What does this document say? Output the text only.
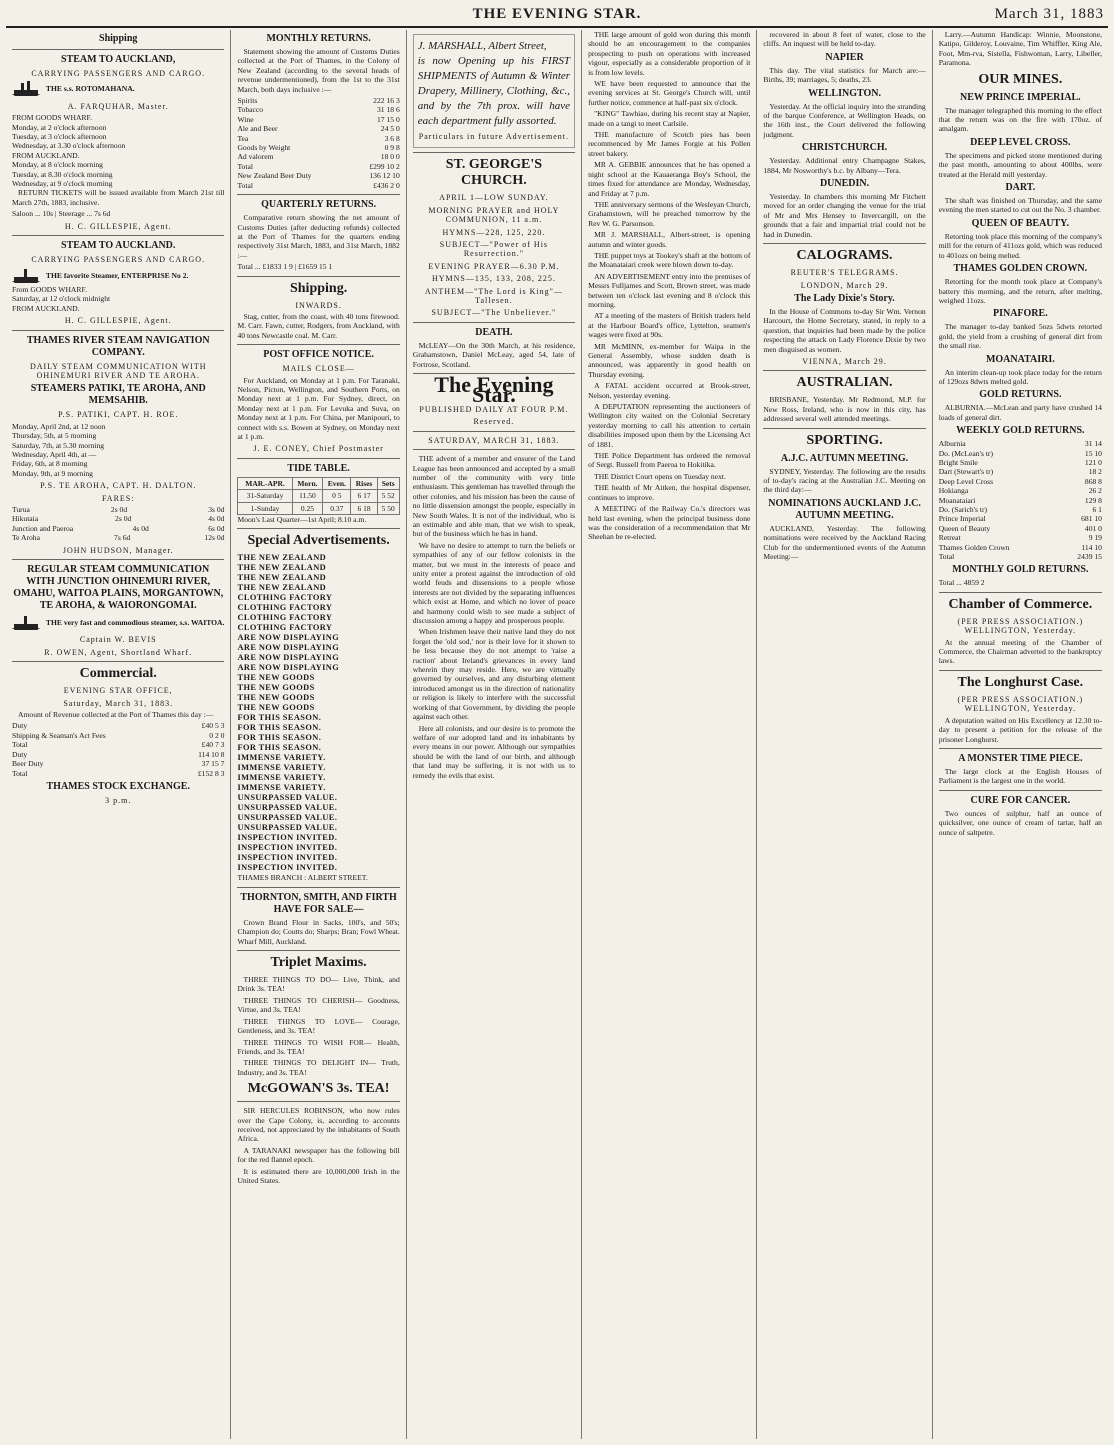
THE EVENING STAR.	March 31, 1883
Shipping
STEAM TO AUCKLAND,
CARRYING PASSENGERS AND CARGO.
THE s.s. ROTOMAHANA.
A. FARQUHAR, Master.
FROM GOODS WHARF.
Monday, at 2 o'clock afternoon
Tuesday, at 3 o'clock afternoon
Wednesday, at 3.30 o'clock afternoon
FROM AUCKLAND.
Monday, at 8 o'clock morning
Tuesday, at 8.30 o'clock morning
Wednesday, at 9 o'clock morning

RETURN TICKETS will be issued available from March 21st till March 27th, 1883, inclusive.

Saloon ... 10s | Steerage ... 7s 6d
H. C. GILLESPIE, Agent.
STEAM TO AUCKLAND.
CARRYING PASSENGERS AND CARGO.
THE favorite Steamer, ENTERPRISE No 2.
From GOODS WHARF.
Saturday, at 12 o'clock midnight
FROM AUCKLAND.
H. C. GILLESPIE, Agent.
THAMES RIVER STEAM NAVIGATION COMPANY.
DAILY STEAM COMMUNICATION WITH OHINEMURI RIVER AND TE AROHA.
STEAMERS PATIKI, TE AROHA, AND MEMSAHIB.
P.S. PATIKI, CAPT. H. ROE.
Monday, April 2nd, at 12 noon
Thursday, 5th, at 5 morning
Saturday, 7th, at 5.30 morning
Wednesday, April 4th, at —
Friday, 6th, at 8 morning
Monday, 9th, at 9 morning
P.S. TE AROHA, CAPT. H. DALTON.
FARES:
Turua	2s 0d	3s 0d
Hikutaia	2s 0d	4s 0d
Junction and Paeroa	4s 0d	6s 0d
Te Aroha	7s 6d	12s 0d
JOHN HUDSON, Manager.
REGULAR STEAM COMMUNICATION WITH JUNCTION OHINEMURI RIVER, OMAHU, WAITOA PLAINS, MORGANTOWN, TE AROHA, & WAIORONGOMAI.
THE very fast and commodious steamer, s.s. WAITOA.
Captain W. BEVIS
R. OWEN, Agent, Shortland Wharf.
Commercial.
EVENING STAR OFFICE,
Saturday, March 31, 1883.

Amount of Revenue collected at the Port of Thames this day :—

Duty	£40 5 3
Shipping & Seaman's Act Fees	0 2 0
Total	£40 7 3
Duty	114 10 8
Beer Duty	37 15 7
Total	£152 8 3
THAMES STOCK EXCHANGE.
3 p.m.
MONTHLY RETURNS.

Statement showing the amount of Customs Duties collected at the Port of Thames, in the Colony of New Zealand (according to the several heads of revenue undermentioned), from the 1st to the 31st March, both days inclusive :—

Spirits	222 16 3
Tobacco	31 18 6
Wine	17 15 0
Ale and Beer	24 5 0
Tea	3 6 8
Goods by Weight	0 9 8
Ad valorem	18 0 0
Total	£299 10 2
New Zealand Beer Duty	136 12 10
Total	£436 2 0
QUARTERLY RETURNS.

Comparative return showing the net amount of Customs Duties (after deducting refunds) collected at the Port of Thames for the quarters ending respectively 31st March, 1883, and 31st March, 1882 :—

Total ... £1833 1 9 | £1659 15 1
Shipping.
INWARDS.

Stag, cutter, from the coast, with 40 tons firewood. M. Carr. Fawn, cutter, Rodgers, from Auckland, with 40 tons Newcastle coal. M. Carr.

POST OFFICE NOTICE.
MAILS CLOSE—

For Auckland, on Monday at 1 p.m. For Taranaki, Nelson, Picton, Wellington, and Southern Ports, on Monday next at 1 p.m. For Sydney, direct, on Monday next at 1 p.m. For Levuka and Suva, on Monday next at 1 p.m. For China, per Manipouri, to connect with s.s. Bowen at Sydney, on Monday next at 1 p.m.

J. E. CONEY, Chief Postmaster
TIDE TABLE.
MAR.-APR.	Morn.	Even.	Rises	Sets
31-Saturday	11.50	0 5	6 17	5 52
1-Sunday	0.25	0.37	6 18	5 50
Moon's Last Quarter—1st April; 8.10 a.m.
Special Advertisements.
THE NEW ZEALAND
THE NEW ZEALAND
THE NEW ZEALAND
THE NEW ZEALAND
CLOTHING FACTORY
CLOTHING FACTORY
CLOTHING FACTORY
CLOTHING FACTORY
ARE NOW DISPLAYING
ARE NOW DISPLAYING
ARE NOW DISPLAYING
ARE NOW DISPLAYING
THE NEW GOODS
THE NEW GOODS
THE NEW GOODS
THE NEW GOODS
FOR THIS SEASON.
FOR THIS SEASON.
FOR THIS SEASON.
FOR THIS SEASON.
IMMENSE VARIETY.
IMMENSE VARIETY.
IMMENSE VARIETY.
IMMENSE VARIETY.
UNSURPASSED VALUE.
UNSURPASSED VALUE.
UNSURPASSED VALUE.
UNSURPASSED VALUE.
INSPECTION INVITED.
INSPECTION INVITED.
INSPECTION INVITED.
INSPECTION INVITED.
THAMES BRANCH : ALBERT STREET.
THORNTON, SMITH, AND FIRTH HAVE FOR SALE—

Crown Brand Flour in Sacks, 100's, and 50's; Champion do; Coutts do; Sharps; Bran; Fowl Wheat. Wharf Mill, Auckland.

Triplet Maxims.

THREE THINGS TO DO— Live, Think, and Drink 3s. TEA!

THREE THINGS TO CHERISH— Goodness, Virtue, and 3s. TEA!

THREE THINGS TO LOVE— Courage, Gentleness, and 3s. TEA!

THREE THINGS TO WISH FOR— Health, Friends, and 3s. TEA!

THREE THINGS TO DELIGHT IN— Truth, Industry, and 3s. TEA!

McGOWAN'S 3s. TEA!

SIR HERCULES ROBINSON, who now rules over the Cape Colony, is, according to accounts received, not appreciated by the inhabitants of South Africa.

A TARANAKI newspaper has the following bill for the red flannel epoch.

It is estimated there are 10,000,000 Irish in the United States.

J. MARSHALL, Albert Street,
is now Opening up his FIRST SHIPMENTS of Autumn & Winter Drapery, Millinery, Clothing, &c., and by the 7th prox. will have each department fully assorted.
Particulars in future Advertisement.
ST. GEORGE'S CHURCH.
APRIL 1—LOW SUNDAY.
MORNING PRAYER and HOLY COMMUNION, 11 a.m.
HYMNS—228, 125, 220.
SUBJECT—"Power of His Resurrection."
EVENING PRAYER—6.30 P.M.
HYMNS—135, 133, 208, 225.
ANTHEM—"The Lord is King"—Tallesen.
SUBJECT—"The Unbeliever."
DEATH.

McLEAY—On the 30th March, at his residence, Grahamstown, Daniel McLeay, aged 54, late of Fortrose, Scotland.

The Evening Star.
PUBLISHED DAILY AT FOUR P.M.
Reserved.
SATURDAY, MARCH 31, 1883.

THE advent of a member and ensurer of the Land League has been announced and accepted by a small number of the community with very little enthusiasm. This gentleman has travelled through the other colonies, and his mission has been the cause of no little dissension amongst the people, especially in New South Wales. It is not of the individual, who is an estimable and able man, that we wish to speak, but of the business which he has in hand.

We have no desire to attempt to turn the beliefs or sympathies of any of our fellow colonists in the matter, but we must in the interests of peace and unity enter a protest against the introduction of old world feuds and dissensions to a people whose interests are not divided by the separating influences which exist at Home, and which no lover of peace and harmony could wish to see made a subject of discussion among a happy and prosperous people.

When Irishmen leave their native land they do not forget the 'old sod,' nor is their love for it shown to be less because they do not attempt to 'raise a ruction' about Ireland's grievances in every land wherein they may reside. Here, we are virtually governed by ourselves, and any disturbing element introduced amongst us in the direction of nationality or religion is likely to interfere with the successful working of that Government, by dividing the people against each other.

Here all colonists, and our desire is to promote the welfare of our adopted land and its inhabitants by every means in our power. Although our sympathies should be with the land of our birth, and although that land may be suffering, it is not with us to remedy the evils that exist.

THE large amount of gold won during this month should be an encouragement to the companies prospecting to push on operations with increased vigour, especially as a considerable proportion of it is from low levels.

WE have been requested to announce that the evening services at St. George's Church will, until further notice, commence at half-past six o'clock.

"KING" Tawhiao, during his recent stay at Napier, made on a tangi to meet Carlsile.

THE manufacture of Scotch pies has been recommenced by Mr James Forgie at his Pollen street bakery.

MR A. GEBBIE announces that he has opened a night school at the Kauaeranga Boy's School, the times fixed for attendance are Monday, Wednesday, and Friday at 7 p.m.

THE anniversary sermons of the Wesleyan Church, Grahamstown, will be preached tomorrow by the Rev W. G. Parsonson.

MR J. MARSHALL, Albert-street, is opening autumn and winter goods.

THE puppet toys at Tookey's shaft at the bottom of the Moanataiari creek were blown down to-day.

AN ADVERTISEMENT entry into the premises of Messrs Fulljames and Scott, Brown street, was made between ten o'clock last evening and 8 o'clock this morning.

AT a meeting of the masters of British traders held at the Harbour Board's office, Lyttelton, seamen's wages were fixed at 90s.

MR McMINN, ex-member for Waipa in the General Assembly, whose sudden death is announced, was apparently in good health on Thursday evening.

A FATAL accident occurred at Brook-street, Nelson, yesterday evening.

A DEPUTATION representing the auctioneers of Wellington city waited on the Colonial Secretary yesterday morning to call his attention to certain disabilities imposed upon them by the Licensing Act of 1881.

THE Police Department has ordered the removal of Sergt. Russell from Paeroa to Hokitika.

THE District Court opens on Tuesday next.

THE health of Mr Aitken, the hospital dispenser, continues to improve.

A MEETING of the Railway Co.'s directors was held last evening, when the principal business done was the consideration of a recommendation that Mr Sheehan be re-elected.

recovered in about 8 feet of water, close to the cliffs. An inquest will be held to-day.

NAPIER

This day. The vital statistics for March are:—Births, 39; marriages, 5; deaths, 23.

WELLINGTON.

Yesterday. At the official inquiry into the stranding of the barque Conference, at Wellington Heads, on the 16th inst., the Court delivered the following judgment.

CHRISTCHURCH.

Yesterday. Additional entry Champagne Stakes, 1884, Mr Nosworthy's b.c. by Albany—Tera.

DUNEDIN.

Yesterday. In chambers this morning Mr Fitchett moved for an order changing the venue for the trial of Mr and Mrs Hensey to Invercargill, on the grounds that a fair and impartial trial could not be had in Dunedin.

CALOGRAMS.
REUTER'S TELEGRAMS.
LONDON, March 29.
The Lady Dixie's Story.

In the House of Commons to-day Sir Wm. Vernon Harcourt, the Home Secretary, stated, in reply to a question, that inquiries had been made by the police respecting the attack on Lady Florence Dixie by two men disguised as women.

VIENNA, March 29.
AUSTRALIAN.

BRISBANE, Yesterday. Mr Redmond, M.P. for New Ross, Ireland, who is now in this city, has addressed several well attended meetings.

SPORTING.
A.J.C. AUTUMN MEETING.

SYDNEY, Yesterday. The following are the results of to-day's racing at the Australian J.C. Meeting on the third day:—

NOMINATIONS AUCKLAND J.C. AUTUMN MEETING.

AUCKLAND, Yesterday. The following nominations were received by the Auckland Racing Club for the undermentioned events of the Autumn Meeting:—

Larry.—Autumn Handicap: Winnie, Moonstone, Katipo, Gilderoy, Louvaine, Tim Whiffler, King Ale, Foot, Mm-rva, Sistella, Fishwoman, Larry, Libeller, Paramona.

OUR MINES.
NEW PRINCE IMPERIAL.

The manager telegraphed this morning to the effect that the return was on the fire with 170oz. of amalgam.

DEEP LEVEL CROSS.

The specimens and picked stone mentioned during the past month, amounting to about 400lbs, were treated at the Herald mill yesterday.

DART.

The shaft was finished on Thursday, and the same evening the men started to cut out the No. 3 chamber.

QUEEN OF BEAUTY.

Retorting took place this morning of the company's mill for the return of 411ozs gold, which was reduced to 401ozs on being melted.

THAMES GOLDEN CROWN.

Retorting for the month took place at Company's battery this morning, and the return, after melting, weighed 11ozs.

PINAFORE.

The manager to-day banked 5ozs 5dwts retorted gold, the yield from a crushing of general dirt from the small rise.

MOANATAIRI.

An interim clean-up took place today for the return of 129ozs 8dwts melted gold.

GOLD RETURNS.

ALBURNIA.—McLean and party have crushed 14 loads of general dirt.

WEEKLY GOLD RETURNS.
Alburnia	31 14
Do. (McLean's tr)	15 10
Bright Smile	121 0
Dart (Stewart's tr)	18 2
Deep Level Cross	868 8
Hokianga	26 2
Moanataiari	129 8
Do. (Sarich's tr)	6 1
Prince Imperial	681 10
Queen of Beauty	401 0
Retreat	9 19
Thames Golden Crown	114 10
Total	2439 15
MONTHLY GOLD RETURNS.
Total ... 4859 2
Chamber of Commerce.
(PER PRESS ASSOCIATION.) WELLINGTON, Yesterday.

At the annual meeting of the Chamber of Commerce, the Chairman adverted to the bankruptcy laws.

The Longhurst Case.
(PER PRESS ASSOCIATION.) WELLINGTON, Yesterday.

A deputation waited on His Excellency at 12.30 to-day to present a petition for the release of the prisoner Longhurst.

A MONSTER TIME PIECE.

The large clock at the English Houses of Parliament is the largest one in the world.

CURE FOR CANCER.

Two ounces of sulphur, half an ounce of quicksilver, one ounce of cream of tartar, half an ounce of saltpetre.
